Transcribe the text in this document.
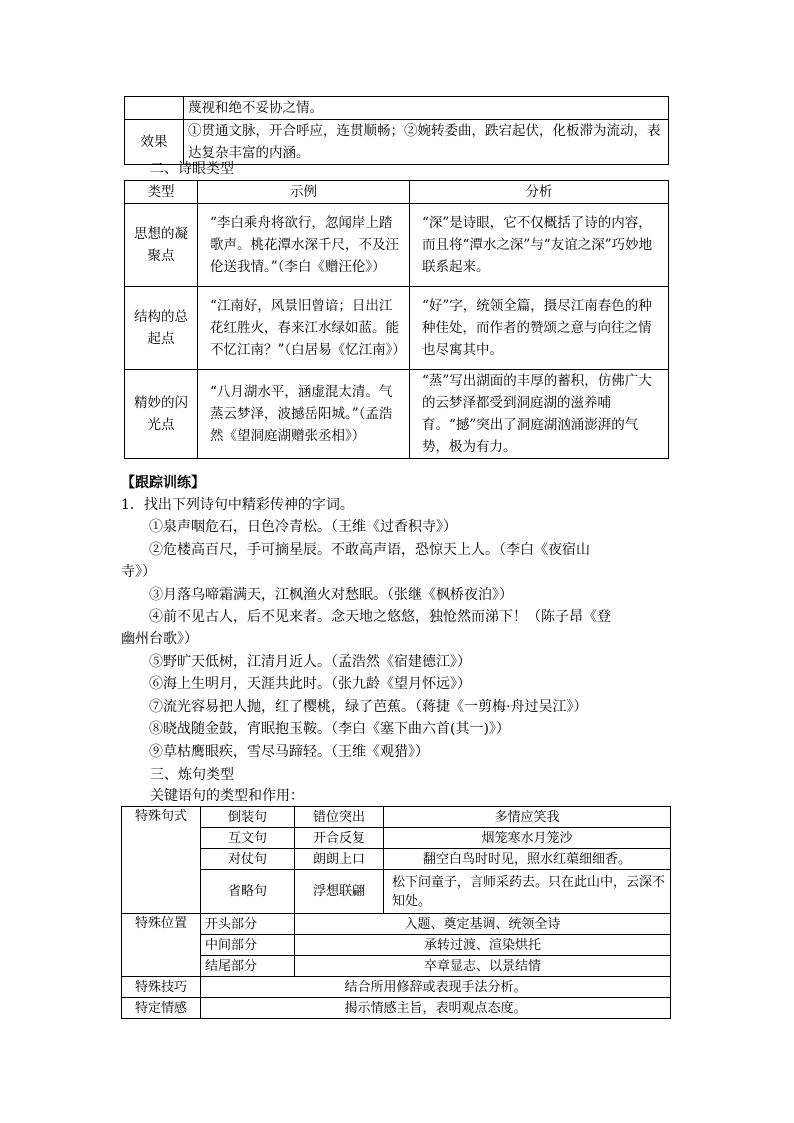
	蔑视和绝不妥协之情。
效果	①贯通文脉，开合呼应，连贯顺畅；②婉转委曲，跌宕起伏，化板滞为流动，表达复杂丰富的内涵。
二、诗眼类型
类型	示例	分析
思想的凝聚点	“李白乘舟将欲行，忽闻岸上踏歌声。桃花潭水深千尺，不及汪伦送我情。”（李白《赠汪伦》）	“深”是诗眼，它不仅概括了诗的内容，而且将“潭水之深”与“友谊之深”巧妙地联系起来。
结构的总起点	“江南好，风景旧曾谙；日出江花红胜火，春来江水绿如蓝。能不忆江南？”（白居易《忆江南》）	“好”字，统领全篇，摄尽江南春色的种种佳处，而作者的赞颂之意与向往之情也尽寓其中。
精妙的闪光点	“八月湖水平，涵虚混太清。气蒸云梦泽，波撼岳阳城。”（孟浩然《望洞庭湖赠张丞相》）	“蒸”写出湖面的丰厚的蓄积，仿佛广大的云梦泽都受到洞庭湖的滋养哺育。“撼”突出了洞庭湖汹涌澎湃的气势，极为有力。
【跟踪训练】
1．找出下列诗句中精彩传神的字词。
①泉声咽危石，日色冷青松。（王维《过香积寺》）
②危楼高百尺，手可摘星辰。不敢高声语，恐惊天上人。（李白《夜宿山
寺》）
③月落乌啼霜满天，江枫渔火对愁眠。（张继《枫桥夜泊》）
④前不见古人，后不见来者。念天地之悠悠，独怆然而涕下！（陈子昂《登
幽州台歌》）
⑤野旷天低树，江清月近人。（孟浩然《宿建德江》）
⑥海上生明月，天涯共此时。（张九龄《望月怀远》）
⑦流光容易把人抛，红了樱桃，绿了芭蕉。（蒋捷《一剪梅·舟过吴江》）
⑧晓战随金鼓，宵眠抱玉鞍。（李白《塞下曲六首(其一)》）
⑨草枯鹰眼疾，雪尽马蹄轻。（王维《观猎》）
三、炼句类型
关键语句的类型和作用：
特殊句式	倒装句	错位突出	多情应笑我
	互文句	开合反复	烟笼寒水月笼沙
	对仗句	朗朗上口	翻空白鸟时时见，照水红蕖细细香。
	省略句	浮想联翩	松下问童子，言师采药去。只在此山中，云深不知处。
特殊位置	开头部分	入题、奠定基调、统领全诗	
	中间部分	承转过渡、渲染烘托	
	结尾部分	卒章显志、以景结情	
特殊技巧	结合所用修辞或表现手法分析。		
特定情感	揭示情感主旨，表明观点态度。		
